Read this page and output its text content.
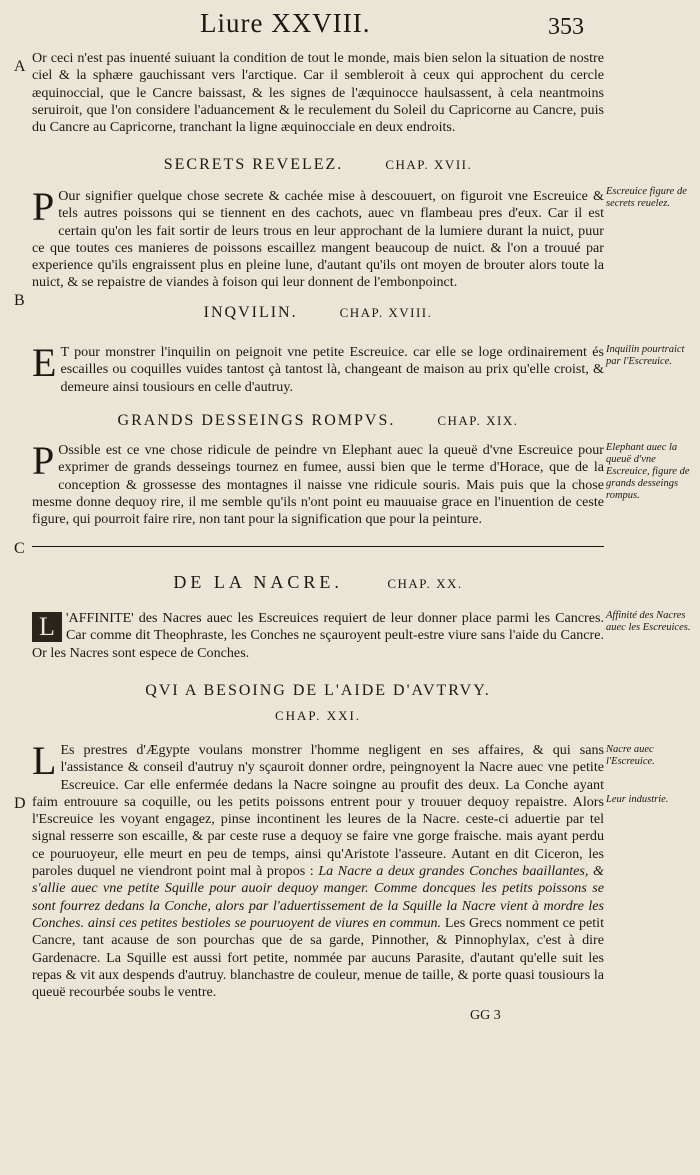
Liure XXVIII.	353
A
B
C
D
Or ceci n'est pas inuenté suiuant la condition de tout le monde, mais bien selon la situation de nostre ciel & la sphære gauchissant vers l'arctique. Car il sembleroit à ceux qui approchent du cercle æquinoccial, que le Cancre baissast, & les signes de l'æquinocce haulsassent, à cela neantmoins seruiroit, que l'on considere l'aduancement & le reculement du Soleil du Capricorne au Cancre, puis du Cancre au Capricorne, tranchant la ligne æquinocciale en deux endroits.
SECRETS REVELEZ.	CHAP. XVII.
P Our signifier quelque chose secrete & cachée mise à descouuert, on figuroit vne Escreuice & tels autres poissons qui se tiennent en des cachots, auec vn flambeau pres d'eux. Car il est certain qu'on les fait sortir de leurs trous en leur approchant de la lumiere durant la nuict, puur ce que toutes ces manieres de poissons escaillez mangent beaucoup de nuict. & l'on a trouué par experience qu'ils engraissent plus en pleine lune, d'autant qu'ils ont moyen de brouter alors toute la nuict, & se repaistre de viandes à foison qui leur donnent de l'embonpoinct.
Escreuice figure de secrets reuelez.
INQVILIN.	CHAP. XVIII.
E T pour monstrer l'inquilin on peignoit vne petite Escreuice. car elle se loge ordinairement és escailles ou coquilles vuides tantost çà tantost là, changeant de maison au prix qu'elle croist, & demeure ainsi tousiours en celle d'autruy.
Inquilin pourtraict par l'Escreuice.
GRANDS DESSEINGS ROMPVS.	CHAP. XIX.
P Ossible est ce vne chose ridicule de peindre vn Elephant auec la queuë d'vne Escreuice pour exprimer de grands desseings tournez en fumee, aussi bien que le terme d'Horace, que de la conception & grossesse des montagnes il naisse vne ridicule souris. Mais puis que la chose mesme donne dequoy rire, il me semble qu'ils n'ont point eu mauuaise grace en l'inuention de ceste figure, qui pourroit faire rire, non tant pour la signification que pour la peinture.
Elephant auec la queuë d'vne Escreuice, figure de grands desseings rompus.
DE LA NACRE.	CHAP. XX.
L 'AFFINITE' des Nacres auec les Escreuices requiert de leur donner place parmi les Cancres. Car comme dit Theophraste, les Conches ne sçauroyent peult-estre viure sans l'aide du Cancre. Or les Nacres sont espece de Conches.
Affinité des Nacres auec les Escreuices.
QVI A BESOING DE L'AIDE D'AVTRVY.
CHAP. XXI.
L Es prestres d'Ægypte voulans monstrer l'homme negligent en ses affaires, & qui sans l'assistance & conseil d'autruy n'y sçauroit donner ordre, peingnoyent la Nacre auec vne petite Escreuice. Car elle enfermée dedans la Nacre soingne au proufit des deux. La Conche ayant faim entrouure sa coquille, ou les petits poissons entrent pour y trouuer dequoy repaistre. Alors l'Escreuice les voyant engagez, pinse incontinent les leures de la Nacre. ceste-ci aduertie par tel signal resserre son escaille, & par ceste ruse a dequoy se faire vne gorge fraische. mais ayant perdu ce pouruoyeur, elle meurt en peu de temps, ainsi qu'Aristote l'asseure. Autant en dit Ciceron, les paroles duquel ne viendront point mal à propos : La Nacre a deux grandes Conches baaillantes, & s'allie auec vne petite Squille pour auoir dequoy manger. Comme doncques les petits poissons se sont fourrez dedans la Conche, alors par l'aduertissement de la Squille la Nacre vient à mordre les Conches. ainsi ces petites bestioles se pouruoyent de viures en commun. Les Grecs nomment ce petit Cancre, tant acause de son pourchas que de sa garde, Pinnother, & Pinnophylax, c'est à dire Gardenacre. La Squille est aussi fort petite, nommée par aucuns Parasite, d'autant qu'elle suit les repas & vit aux despends d'autruy. blanchastre de couleur, menue de taille, & porte quasi tousiours la queuë recourbée soubs le ventre.
Nacre auec l'Escreuice.
Leur industrie.
GG 3
